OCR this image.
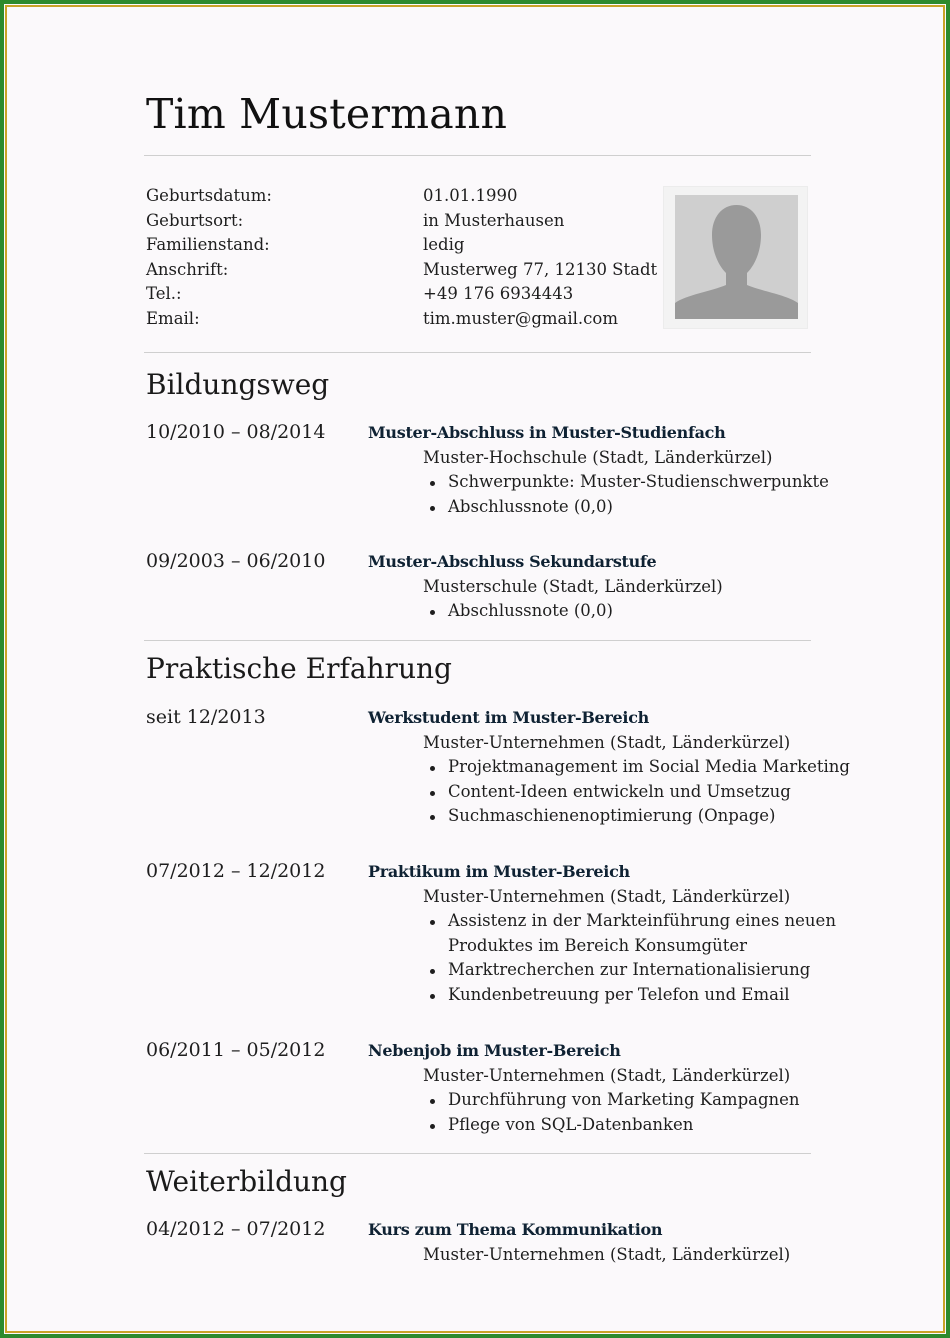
Tim Mustermann
Geburtsdatum:	01.01.1990
Geburtsort:	in Musterhausen
Familienstand:	ledig
Anschrift:	Musterweg 77, 12130 Stadt
Tel.:	+49 176 6934443
Email:	tim.muster@gmail.com
Bildungsweg
10/2010 – 08/2014	Muster-Abschluss in Muster-Studienfach
Muster-Hochschule (Stadt, Länderkürzel)
Schwerpunkte: Muster-Studienschwerpunkte
Abschlussnote (0,0)
09/2003 – 06/2010	Muster-Abschluss Sekundarstufe
Musterschule (Stadt, Länderkürzel)
Abschlussnote (0,0)
Praktische Erfahrung
seit 12/2013	Werkstudent im Muster-Bereich
Muster-Unternehmen (Stadt, Länderkürzel)
Projektmanagement im Social Media Marketing
Content-Ideen entwickeln und Umsetzug
Suchmaschienenoptimierung (Onpage)
07/2012 – 12/2012	Praktikum im Muster-Bereich
Muster-Unternehmen (Stadt, Länderkürzel)
Assistenz in der Markteinführung eines neuen
Produktes im Bereich Konsumgüter
Marktrecherchen zur Internationalisierung
Kundenbetreuung per Telefon und Email
06/2011 – 05/2012	Nebenjob im Muster-Bereich
Muster-Unternehmen (Stadt, Länderkürzel)
Durchführung von Marketing Kampagnen
Pflege von SQL-Datenbanken
Weiterbildung
04/2012 – 07/2012	Kurs zum Thema Kommunikation
Muster-Unternehmen (Stadt, Länderkürzel)
